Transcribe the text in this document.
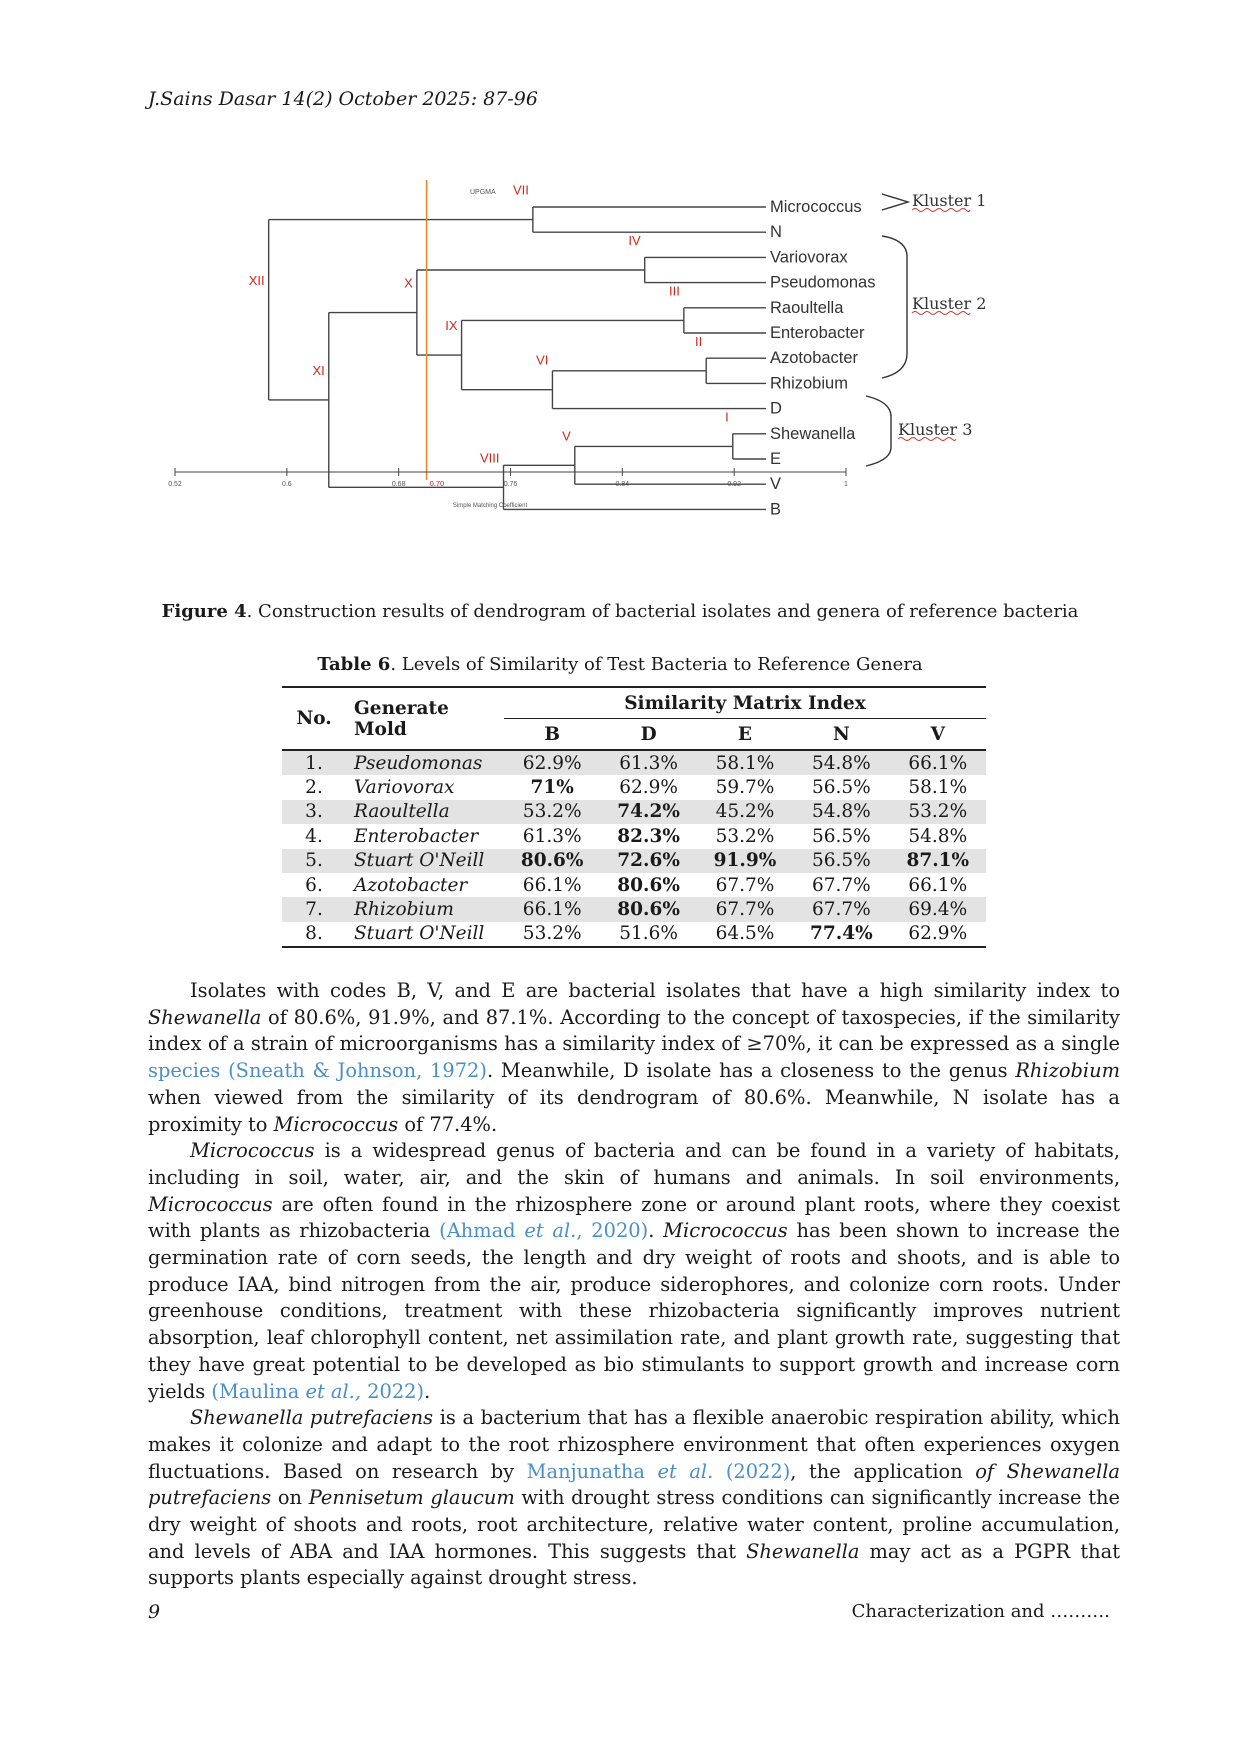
J.Sains Dasar 14(2) October 2025: 87-96
I
II
III
IV
V
VI
VII
VIII
IX
X
XI
XII
Micrococcus
N
Variovorax
Pseudomonas
Raoultella
Enterobacter
Azotobacter
Rhizobium
D
Shewanella
E
V
B
0.52	0.6	0.68	0.76	0.84	0.92	1
0.70
Simple Matching Coefficient
UPGMA	Kluster 1
Kluster 2
Kluster 3
Figure 4. Construction results of dendrogram of bacterial isolates and genera of reference bacteria
Table 6. Levels of Similarity of Test Bacteria to Reference Genera
No.	Generate Mold	Similarity Matrix Index				
		B	D	E	N	V
1.	Pseudomonas	62.9%	61.3%	58.1%	54.8%	66.1%
2.	Variovorax	71%	62.9%	59.7%	56.5%	58.1%
3.	Raoultella	53.2%	74.2%	45.2%	54.8%	53.2%
4.	Enterobacter	61.3%	82.3%	53.2%	56.5%	54.8%
5.	Stuart O'Neill	80.6%	72.6%	91.9%	56.5%	87.1%
6.	Azotobacter	66.1%	80.6%	67.7%	67.7%	66.1%
7.	Rhizobium	66.1%	80.6%	67.7%	67.7%	69.4%
8.	Stuart O'Neill	53.2%	51.6%	64.5%	77.4%	62.9%

Isolates with codes B, V, and E are bacterial isolates that have a high similarity index to Shewanella of 80.6%, 91.9%, and 87.1%. According to the concept of taxospecies, if the similarity index of a strain of microorganisms has a similarity index of ≥70%, it can be expressed as a single species (Sneath & Johnson, 1972). Meanwhile, D isolate has a closeness to the genus Rhizobium when viewed from the similarity of its dendrogram of 80.6%. Meanwhile, N isolate has a proximity to Micrococcus of 77.4%.

Micrococcus is a widespread genus of bacteria and can be found in a variety of habitats, including in soil, water, air, and the skin of humans and animals. In soil environments, Micrococcus are often found in the rhizosphere zone or around plant roots, where they coexist with plants as rhizobacteria (Ahmad et al., 2020). Micrococcus has been shown to increase the germination rate of corn seeds, the length and dry weight of roots and shoots, and is able to produce IAA, bind nitrogen from the air, produce siderophores, and colonize corn roots. Under greenhouse conditions, treatment with these rhizobacteria significantly improves nutrient absorption, leaf chlorophyll content, net assimilation rate, and plant growth rate, suggesting that they have great potential to be developed as bio stimulants to support growth and increase corn yields (Maulina et al., 2022).

Shewanella putrefaciens is a bacterium that has a flexible anaerobic respiration ability, which makes it colonize and adapt to the root rhizosphere environment that often experiences oxygen fluctuations. Based on research by Manjunatha et al. (2022), the application of Shewanella putrefaciens on Pennisetum glaucum with drought stress conditions can significantly increase the dry weight of shoots and roots, root architecture, relative water content, proline accumulation, and levels of ABA and IAA hormones. This suggests that Shewanella may act as a PGPR that supports plants especially against drought stress.

9	Characterization and ……….
